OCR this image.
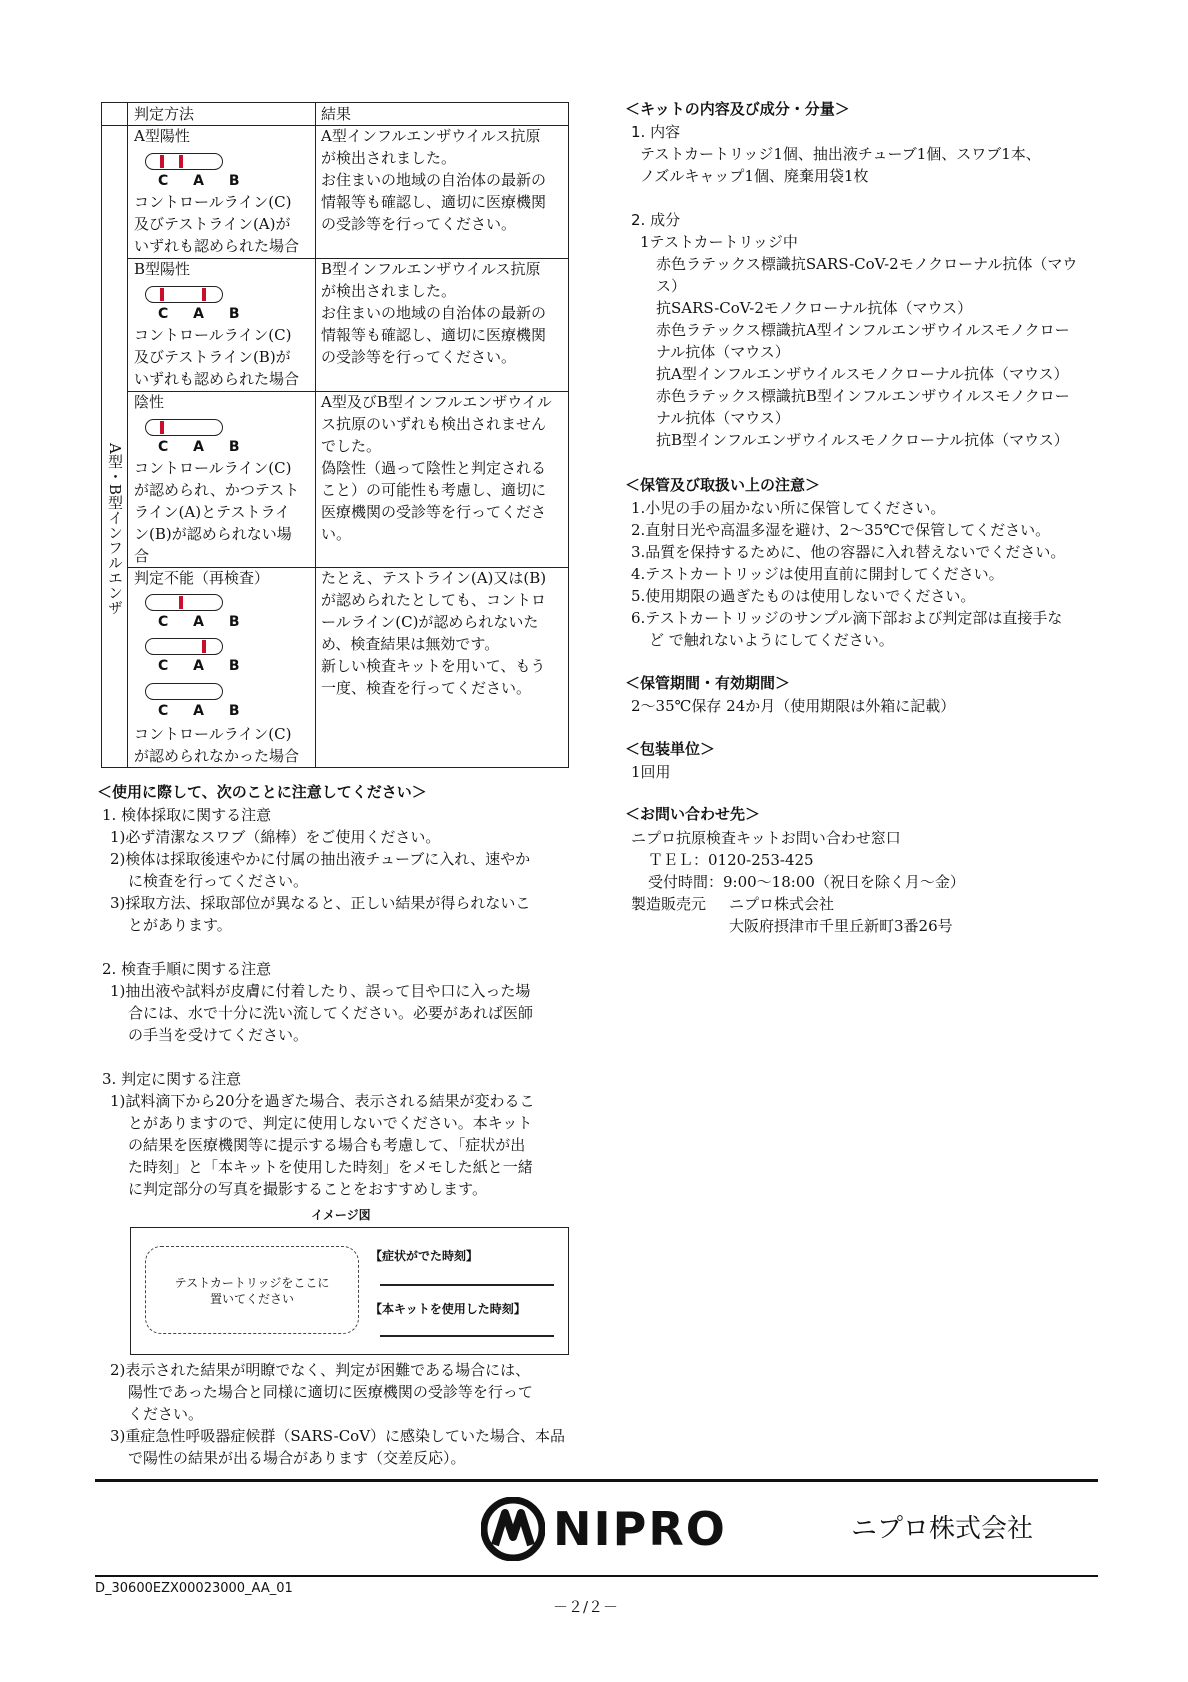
判定方法	結果
A型・B型インフルエンザ
A型陽性
C A B
コントロールライン(C)
及びテストライン(A)が
いずれも認められた場合
A型インフルエンザウイルス抗原
が検出されました。
お住まいの地域の自治体の最新の
情報等も確認し、適切に医療機関
の受診等を行ってください。
B型陽性
C A B
コントロールライン(C)
及びテストライン(B)が
いずれも認められた場合
B型インフルエンザウイルス抗原
が検出されました。
お住まいの地域の自治体の最新の
情報等も確認し、適切に医療機関
の受診等を行ってください。
陰性
C A B
コントロールライン(C)
が認められ、かつテスト
ライン(A)とテストライ
ン(B)が認められない場
合
A型及びB型インフルエンザウイル
ス抗原のいずれも検出されません
でした。
偽陰性（過って陰性と判定される
こと）の可能性も考慮し、適切に
医療機関の受診等を行ってくださ
い。
判定不能（再検査）
C A B
C A B
C A B
コントロールライン(C)
が認められなかった場合
たとえ、テストライン(A)又は(B)
が認められたとしても、コントロ
ールライン(C)が認められないた
め、検査結果は無効です。
新しい検査キットを用いて、もう
一度、検査を行ってください。
＜使用に際して、次のことに注意してください＞
1. 検体採取に関する注意
1)必ず清潔なスワブ（綿棒）をご使用ください。
2)検体は採取後速やかに付属の抽出液チューブに入れ、速やか
に検査を行ってください。
3)採取方法、採取部位が異なると、正しい結果が得られないこ
とがあります。
2. 検査手順に関する注意
1)抽出液や試料が皮膚に付着したり、誤って目や口に入った場
合には、水で十分に洗い流してください。必要があれば医師
の手当を受けてください。
3. 判定に関する注意
1)試料滴下から20分を過ぎた場合、表示される結果が変わるこ
とがありますので、判定に使用しないでください。本キット
の結果を医療機関等に提示する場合も考慮して、「症状が出
た時刻」と「本キットを使用した時刻」をメモした紙と一緒
に判定部分の写真を撮影することをおすすめします。
イメージ図
テストカートリッジをここに
置いてください
【症状がでた時刻】
【本キットを使用した時刻】
2)表示された結果が明瞭でなく、判定が困難である場合には、
陽性であった場合と同様に適切に医療機関の受診等を行って
ください。
3)重症急性呼吸器症候群（SARS-CoV）に感染していた場合、本品
で陽性の結果が出る場合があります（交差反応）。
＜キットの内容及び成分・分量＞
1. 内容
テストカートリッジ1個、抽出液チューブ1個、スワブ1本、
ノズルキャップ1個、廃棄用袋1枚
2. 成分
1テストカートリッジ中
赤色ラテックス標識抗SARS-CoV-2モノクローナル抗体（マウ
ス）
抗SARS-CoV-2モノクローナル抗体（マウス）
赤色ラテックス標識抗A型インフルエンザウイルスモノクロー
ナル抗体（マウス）
抗A型インフルエンザウイルスモノクローナル抗体（マウス）
赤色ラテックス標識抗B型インフルエンザウイルスモノクロー
ナル抗体（マウス）
抗B型インフルエンザウイルスモノクローナル抗体（マウス）
＜保管及び取扱い上の注意＞
1.小児の手の届かない所に保管してください。
2.直射日光や高温多湿を避け、2～35℃で保管してください。
3.品質を保持するために、他の容器に入れ替えないでください。
4.テストカートリッジは使用直前に開封してください。
5.使用期限の過ぎたものは使用しないでください。
6.テストカートリッジのサンプル滴下部および判定部は直接手な
ど で触れないようにしてください。
＜保管期間・有効期間＞
2～35℃保存 24か月（使用期限は外箱に記載）
＜包装単位＞
1回用
＜お問い合わせ先＞
ニプロ抗原検査キットお問い合わせ窓口
ＴＥＬ：0120-253-425
受付時間：9:00～18:00（祝日を除く月～金）
製造販売元 ニプロ株式会社
大阪府摂津市千里丘新町3番26号
NIPRO	ニプロ株式会社
D_30600EZX00023000_AA_01
－２/２－
